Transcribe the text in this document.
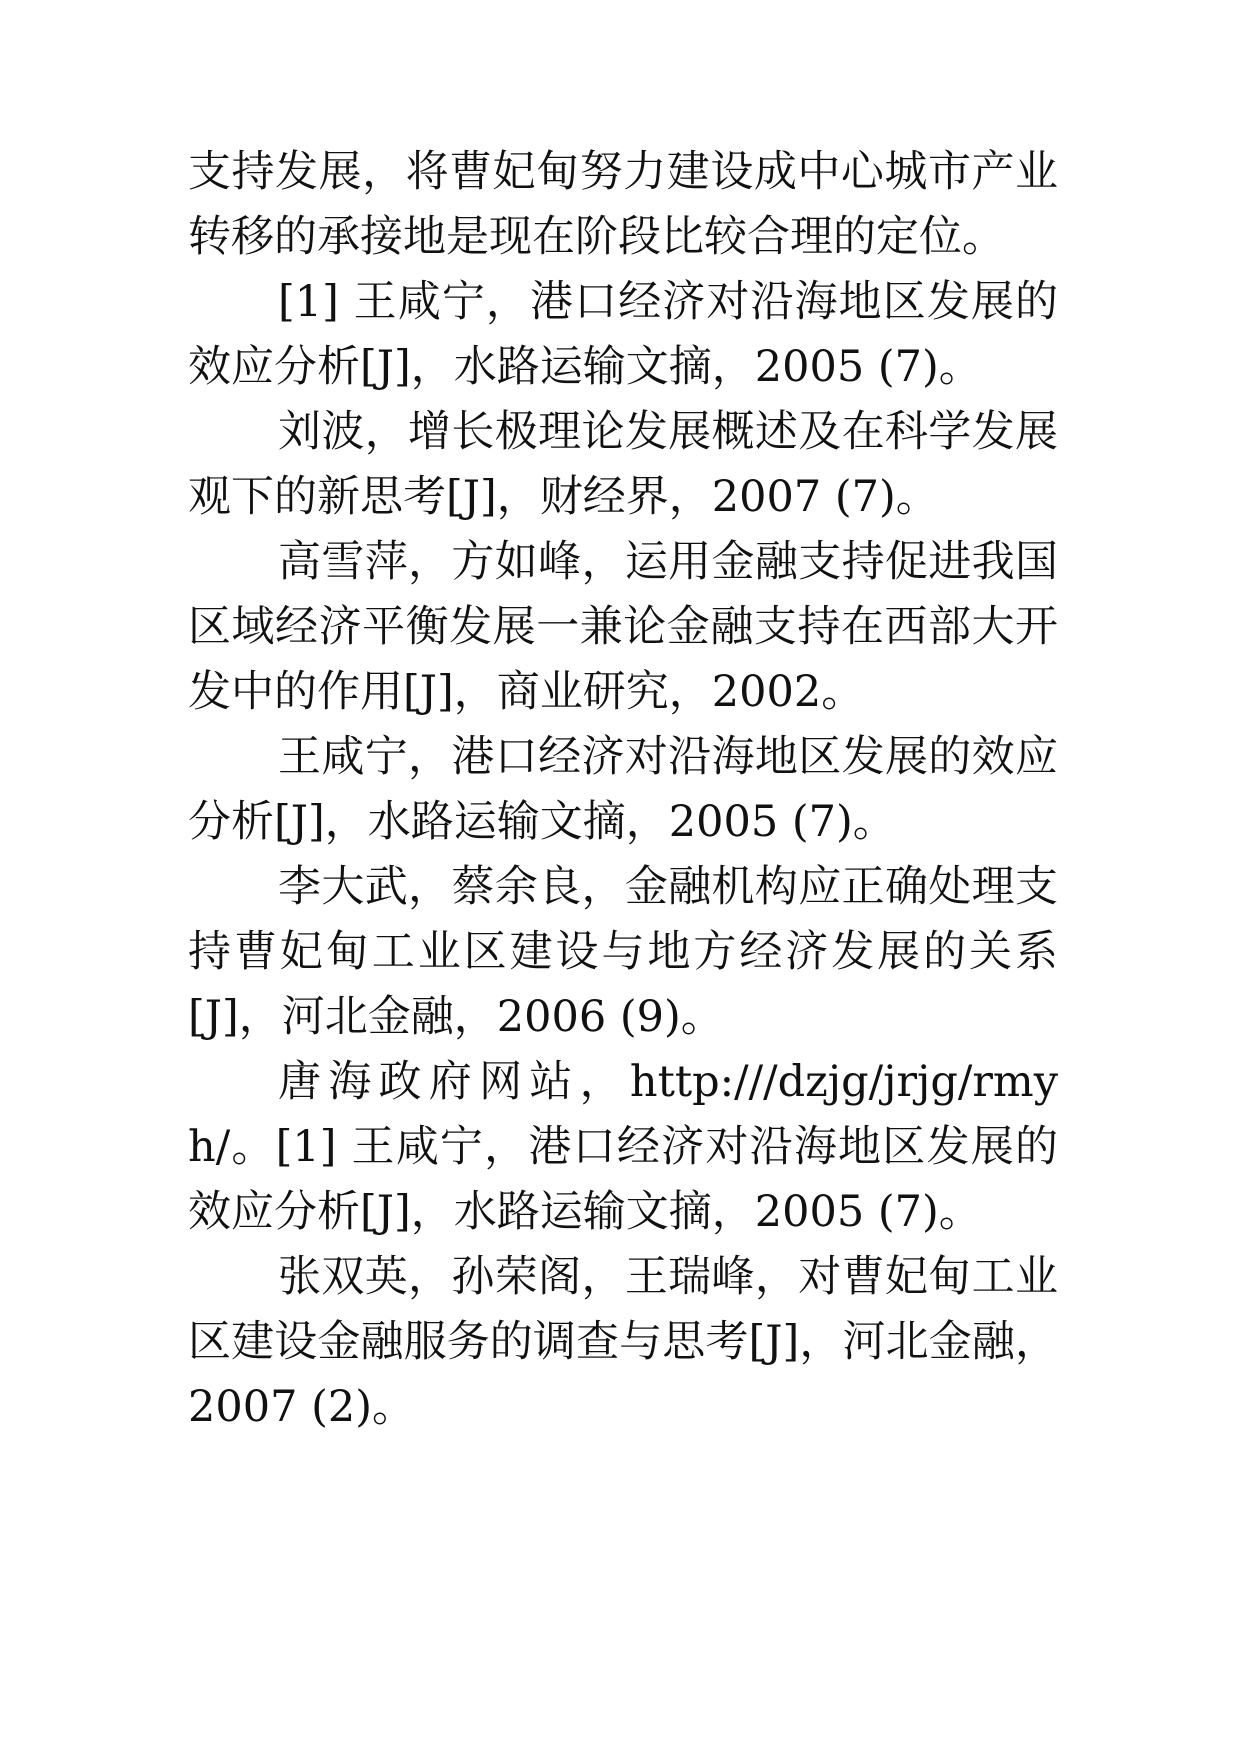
支持发展，将曹妃甸努力建设成中心城市产业转移的承接地是现在阶段比较合理的定位。

[1] 王咸宁，港口经济对沿海地区发展的效应分析[J]，水路运输文摘，2005 (7)。

刘波，增长极理论发展概述及在科学发展观下的新思考[J]，财经界，2007 (7)。

高雪萍，方如峰，运用金融支持促进我国区域经济平衡发展一兼论金融支持在西部大开发中的作用[J]，商业研究，2002。

王咸宁，港口经济对沿海地区发展的效应分析[J]，水路运输文摘，2005 (7)。

李大武，蔡余良，金融机构应正确处理支持曹妃甸工业区建设与地方经济发展的关系[J]，河北金融，2006 (9)。

唐海政府网站，http:///dzjg/jrjg/rmyh/。[1] 王咸宁，港口经济对沿海地区发展的效应分析[J]，水路运输文摘，2005 (7)。

张双英，孙荣阁，王瑞峰，对曹妃甸工业区建设金融服务的调查与思考[J]，河北金融，2007 (2)。
